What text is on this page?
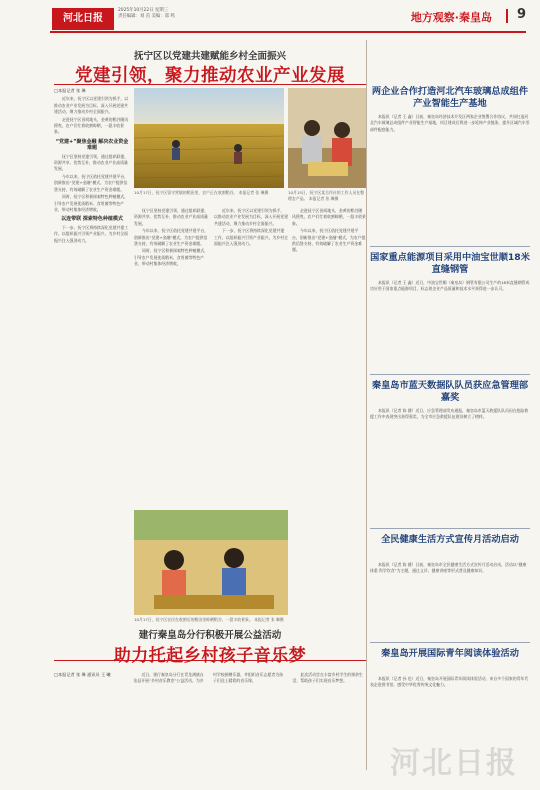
河北日报
2025年10月22日 星期三
责任编辑：刘 茁 美编：郑 鸣	地方观察·秦皇岛 9
抚宁区以党建共建赋能乡村全面振兴
党建引领，聚力推动农业产业发展
□本报记者 张 琳

近年来，抚宁区以党建引领为抓手，以推动农业产业发展为目标，深入开展党建共建活动，聚力推动乡村全面振兴。

走进抚宁区田间地头，金黄的稻谷随风摇曳，农户们忙着收割晾晒，一派丰收景象。

“党建+”聚焦金融 解决农业资金难题

抚宁区坚持党建引领，通过组织联建、资源共享、优势互补，推动农业产业高质量发展。

今年以来，抚宁区依托党建共建平台，创新推出“党建+金融”模式，为农户提供信贷支持，有效破解了农业生产资金难题。

同时，抚宁区积极探索特色种植模式，引导农户发展优质稻米、食用菌等特色产业，带动村集体经济增收。

以连带联 探索特色种植模式

下一步，抚宁区将持续深化党建共建工作，以组织振兴引领产业振兴，为乡村全面振兴注入强劲动力。

10月17日，抚宁区留守营镇的稻田里，农户正在收割稻谷。 本报记者 张 琳摄	10月15日，抚宁区某合作社的工作人员在整理农产品。 本报记者 张 琳摄

抚宁区坚持党建引领，通过组织联建、资源共享、优势互补，推动农业产业高质量发展。

今年以来，抚宁区依托党建共建平台，创新推出“党建+金融”模式，为农户提供信贷支持，有效破解了农业生产资金难题。

同时，抚宁区积极探索特色种植模式，引导农户发展优质稻米、食用菌等特色产业，带动村集体经济增收。

近年来，抚宁区以党建引领为抓手，以推动农业产业发展为目标，深入开展党建共建活动，聚力推动乡村全面振兴。

下一步，抚宁区将持续深化党建共建工作，以组织振兴引领产业振兴，为乡村全面振兴注入强劲动力。

走进抚宁区田间地头，金黄的稻谷随风摇曳，农户们忙着收割晾晒，一派丰收景象。

今年以来，抚宁区依托党建共建平台，创新推出“党建+金融”模式，为农户提供信贷支持，有效破解了农业生产资金难题。

10月17日，抚宁区农民在收割后的稻田里晾晒稻谷，一派丰收景象。 本报记者 张 琳摄
建行秦皇岛分行积极开展公益活动
助力托起乡村孩子音乐梦
□本报记者 张 琳 通讯员 王 曦	近日，建行秦皇岛分行在青龙满族自治县开展“乡村音乐教室”公益活动，为乡村学校捐赠乐器，并组织音乐志愿者为孩子们送上精彩的音乐课。

此次活动旨在丰富乡村学生的课余生活，帮助孩子们实现音乐梦想。

两企业合作打造河北汽车玻璃总成组件产业智能生产基地

本报讯（记者 王 鑫）日前，秦皇岛经济技术开发区两家企业签署合作协议，共同打造河北汽车玻璃总成组件产业智能生产基地，项目建成后将进一步延伸产业链条，提升区域汽车零部件配套能力。

国家重点能源项目采用中油宝世顺18米直缝钢管

本报讯（记者 王 鑫）近日，中油宝世顺（秦皇岛）钢管有限公司生产的18米直缝钢管成功应用于国家重点能源项目，标志着企业产品质量和技术水平获得进一步认可。

秦皇岛市蓝天数据队队员获应急管理部嘉奖

本报讯（记者 陈 健）近日，应急管理部发布通报，秦皇岛市蓝天救援队队员因在抢险救援工作中表现突出获得嘉奖，为全市应急救援队伍建设树立了榜样。

全民健康生活方式宣传月活动启动

本报讯（记者 陈 健）日前，秦皇岛市全民健康生活方式宣传月活动启动，活动以“健康体重 科学饮食”为主题，通过义诊、健康讲座等形式普及健康知识。

秦皇岛开展国际青年阅读体验活动

本报讯（记者 孙 也）近日，秦皇岛开展国际青年阅读体验活动，来自多个国家的青年代表走进图书馆，感受中华优秀传统文化魅力。

河北日报
